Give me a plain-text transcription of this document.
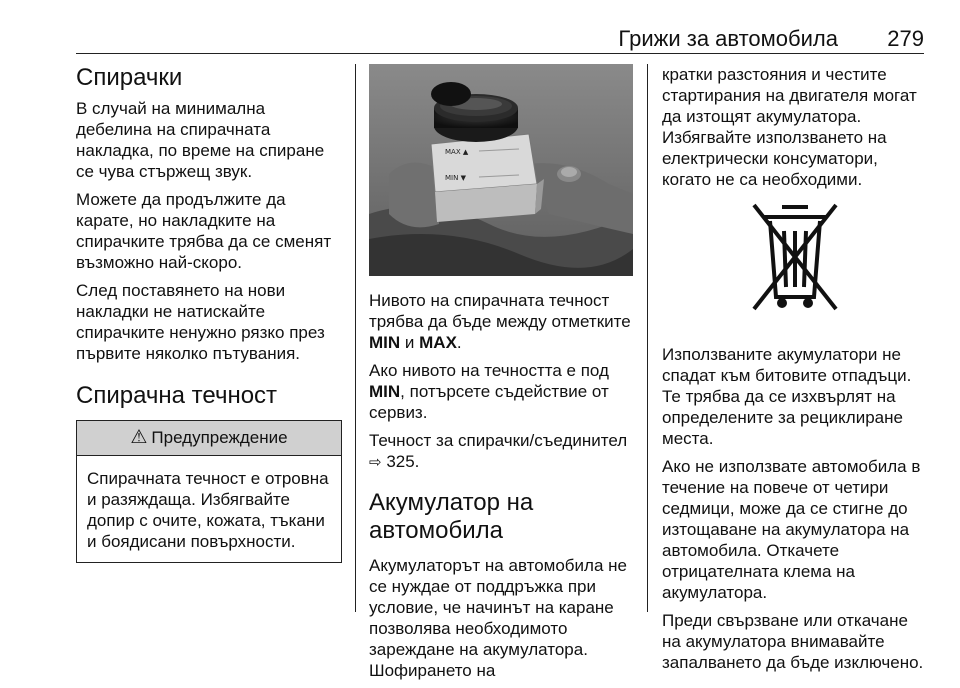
Грижи за автомобила 279
Спирачки

В случай на минимална дебелина на спирачната накладка, по време на спиране се чува стържещ звук.

Можете да продължите да карате, но накладките на спирачките трябва да се сменят възможно най-скоро.

След поставянето на нови накладки не натискайте спирачките ненужно рязко през първите няколко пътувания.

Спирачна течност
⚠ Предупреждение

Спирачната течност е отровна и разяждаща. Избягвайте допир с очите, кожата, тъкани и боядисани повърхности.

MAX ▲
MIN ▼

Нивото на спирачната течност трябва да бъде между отметките MIN и MAX.

Ако нивото на течността е под MIN, потърсете съдействие от сервиз.

Течност за спирачки/съединител
⇨ 325.

Акумулатор на автомобила

Акумулаторът на автомобила не се нуждае от поддръжка при условие, че начинът на каране позволява необходимото зареждане на акумулатора. Шофирането на

кратки разстояния и честите стартирания на двигателя могат да изтощят акумулатора. Избягвайте използването на електрически консуматори, когато не са необходими.

Използваните акумулатори не спадат към битовите отпадъци. Те трябва да се изхвърлят на определените за рециклиране места.

Ако не използвате автомобила в течение на повече от четири седмици, може да се стигне до изтощаване на акумулатора на автомобила. Откачете отрицателната клема на акумулатора.

Преди свързване или откачане на акумулатора внимавайте запалването да бъде изключено.
